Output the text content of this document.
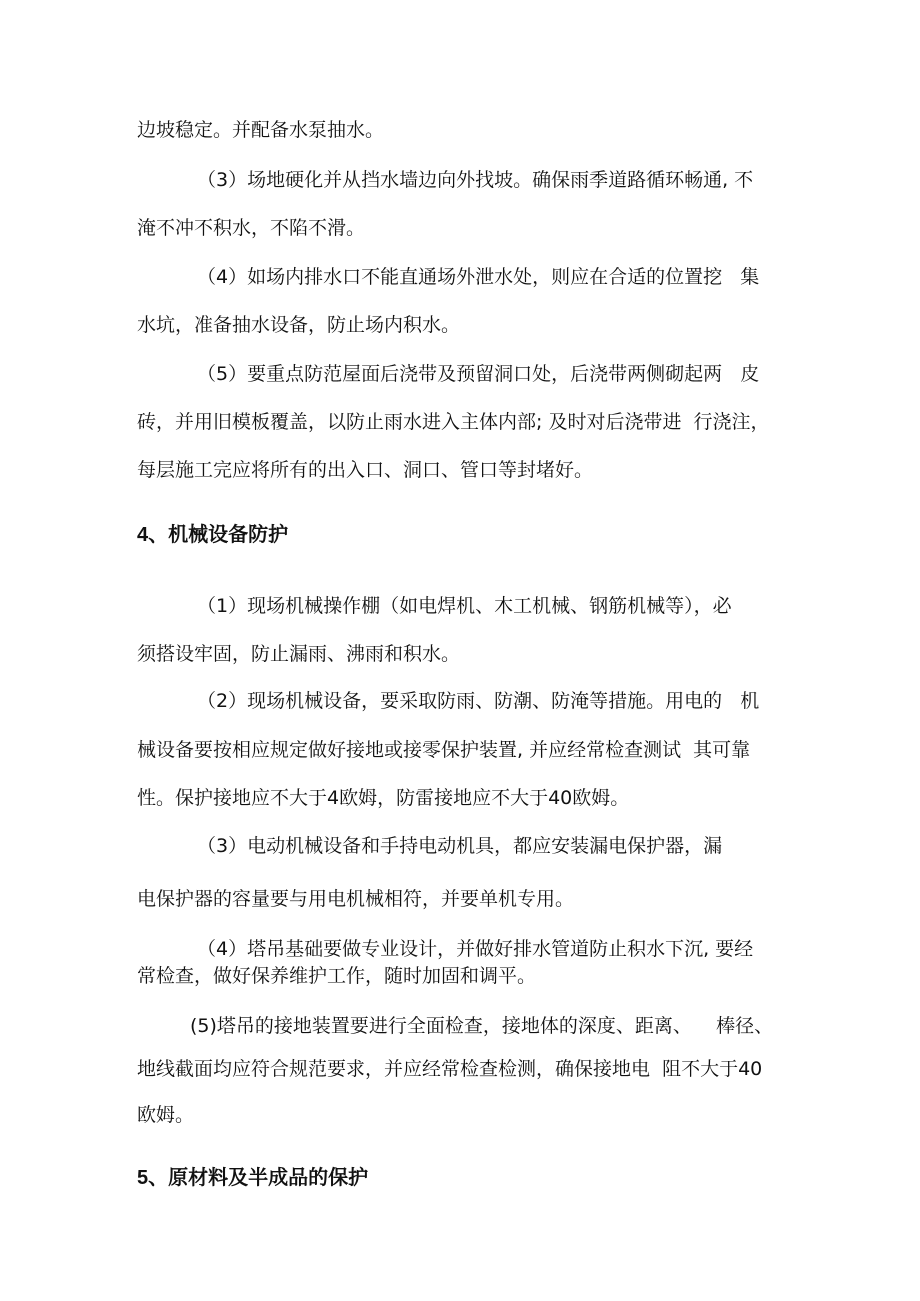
边坡稳定。并配备水泵抽水。
（3）场地硬化并从挡水墙边向外找坡。确保雨季道路循环畅通, 不
淹不冲不积水，不陷不滑。
（4）如场内排水口不能直通场外泄水处，则应在合适的位置挖   集
水坑，准备抽水设备，防止场内积水。
（5）要重点防范屋面后浇带及预留洞口处，后浇带两侧砌起两   皮
砖，并用旧模板覆盖，以防止雨水进入主体内部; 及时对后浇带进  行浇注，
每层施工完应将所有的出入口、洞口、管口等封堵好。
4、机械设备防护
（1）现场机械操作棚（如电焊机、木工机械、钢筋机械等），必
须搭设牢固，防止漏雨、沸雨和积水。
（2）现场机械设备，要采取防雨、防潮、防淹等措施。用电的   机
械设备要按相应规定做好接地或接零保护装置, 并应经常检查测试  其可靠
性。保护接地应不大于4欧姆，防雷接地应不大于40欧姆。
（3）电动机械设备和手持电动机具，都应安装漏电保护器，漏
电保护器的容量要与用电机械相符，并要单机专用。
（4）塔吊基础要做专业设计，并做好排水管道防止积水下沉, 要经
常检查，做好保养维护工作，随时加固和调平。
(5)塔吊的接地装置要进行全面检查，接地体的深度、距离、    棒径、
地线截面均应符合规范要求，并应经常检查检测，确保接地电  阻不大于40
欧姆。
5、原材料及半成品的保护
